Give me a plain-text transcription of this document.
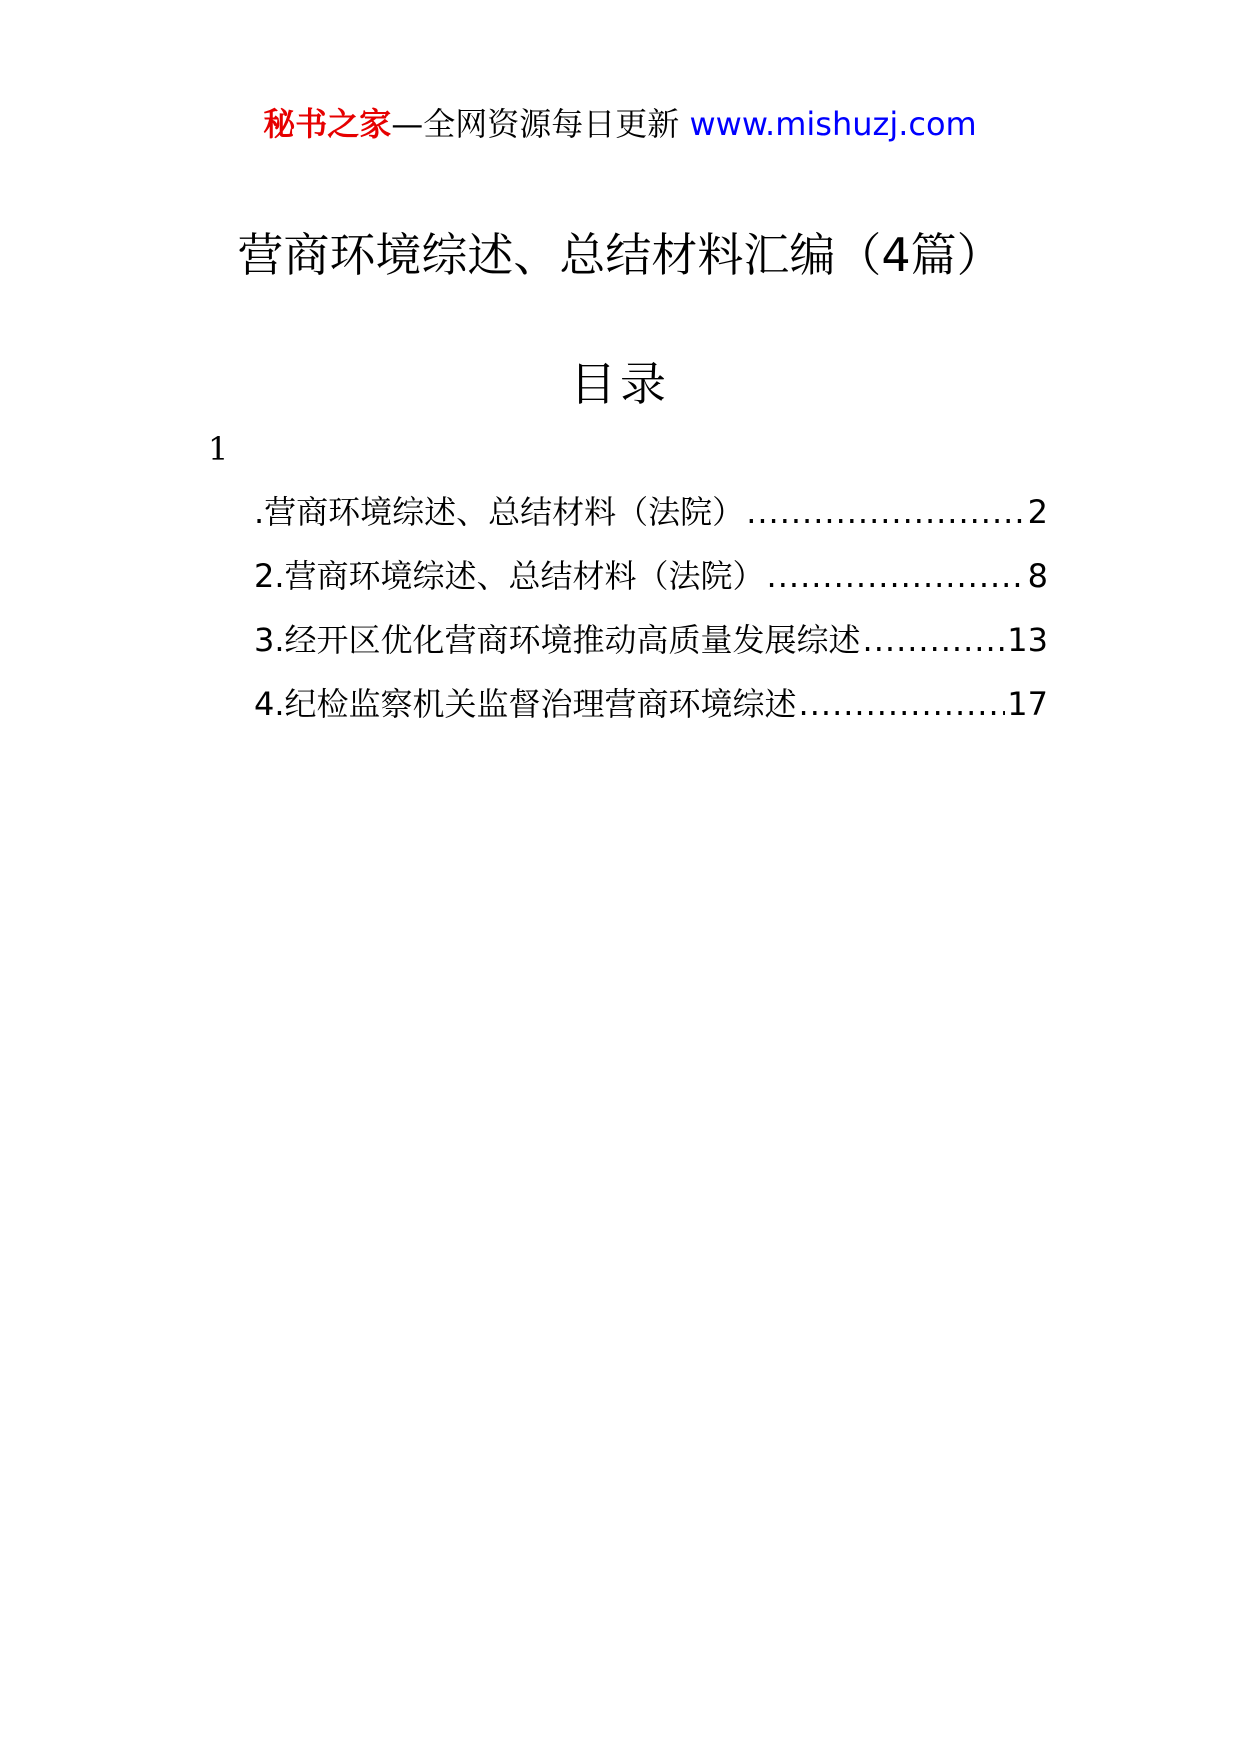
秘书之家—全网资源每日更新 www.mishuzj.com
营商环境综述、总结材料汇编（4篇）
目录
1
.营商环境综述、总结材料（法院） .....	2
2.营商环境综述、总结材料（法院） .....	8
3.经开区优化营商环境推动高质量发展综述 .....	13
4.纪检监察机关监督治理营商环境综述 .....	17
